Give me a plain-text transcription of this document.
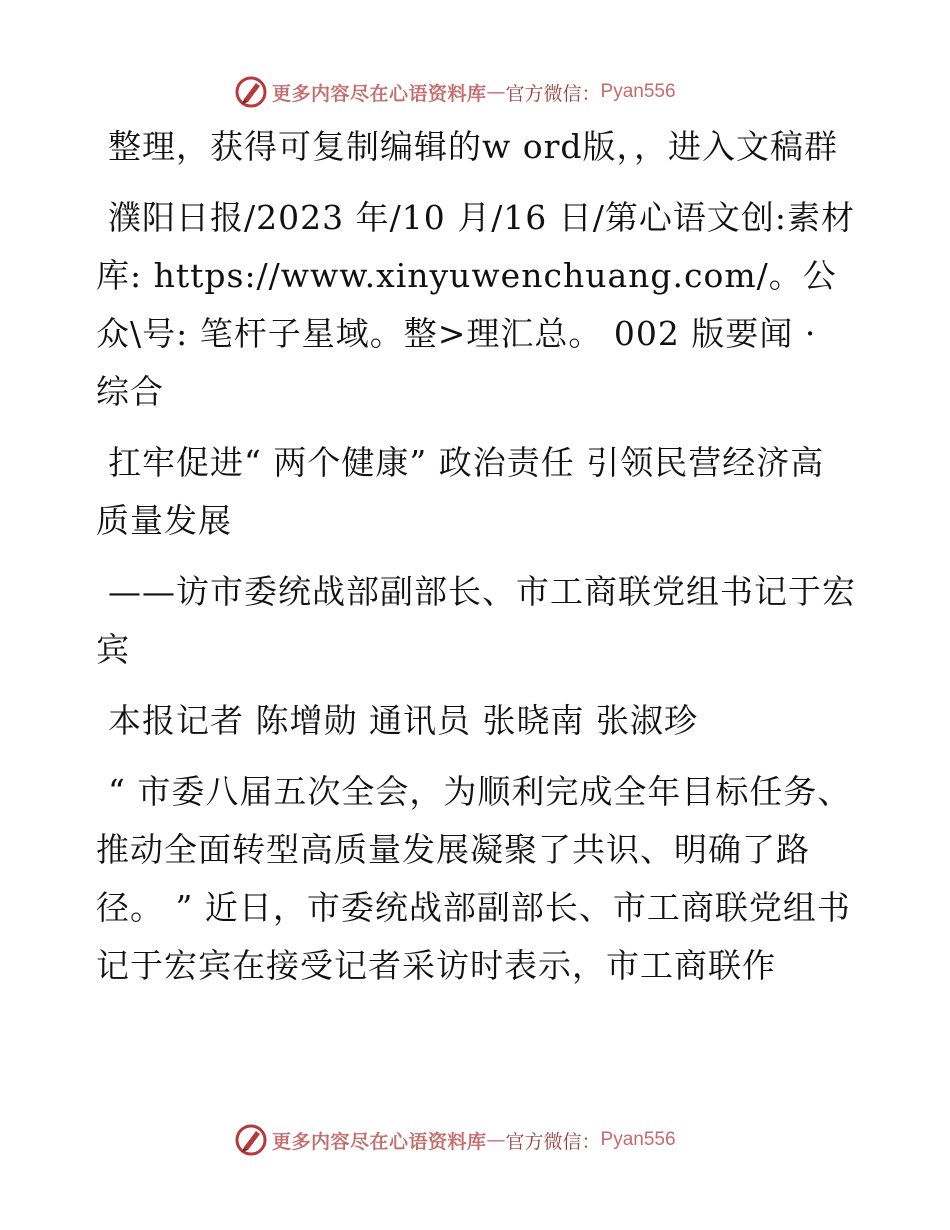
更多内容尽在心语资料库 — 官方微信： Pyan556

整理，获得可复制编辑的w ord版，，进入文稿群

濮阳日报/2023 年/10 月/16 日/第心语文创:素材库: https://www.xinyuwenchuang.com/。公众\号: 笔杆子星域。整>理汇总。 002 版要闻 · 综合

扛牢促进“ 两个健康” 政治责任 引领民营经济高质量发展

——访市委统战部副部长、市工商联党组书记于宏宾

本报记者 陈增勋 通讯员 张晓南 张淑珍

“ 市委八届五次全会，为顺利完成全年目标任务、推动全面转型高质量发展凝聚了共识、明确了路径。 ” 近日，市委统战部副部长、市工商联党组书记于宏宾在接受记者采访时表示，市工商联作

更多内容尽在心语资料库 — 官方微信： Pyan556
